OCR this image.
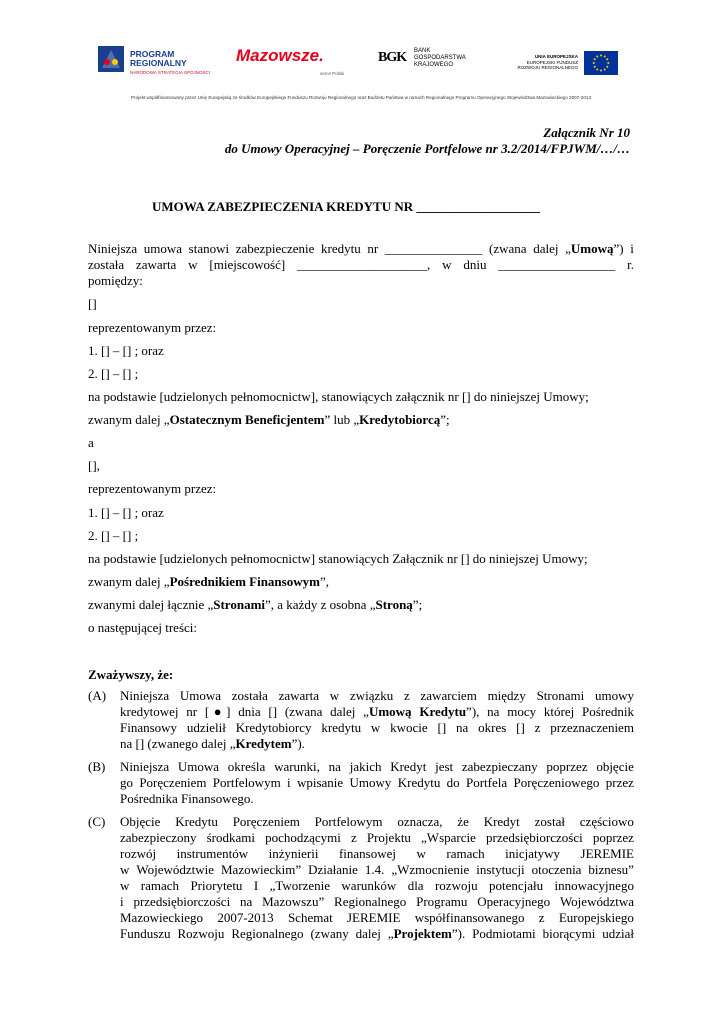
PROGRAM
REGIONALNY
NARODOWA STRATEGIA SPÓJNOŚCI
Mazowsze.
serce Polski
BGK BANK
GOSPODARSTWA
KRAJOWEGO
UNIA EUROPEJSKA
EUROPEJSKI FUNDUSZ
ROZWOJU REGIONALNEGO
Projekt współfinansowany przez Unię Europejską ze środków Europejskiego Funduszu Rozwoju Regionalnego oraz Budżetu Państwa w ramach Regionalnego Programu Operacyjnego Województwa Mazowieckiego 2007-2013
Załącznik Nr 10
do Umowy Operacyjnej – Poręczenie Portfelowe nr 3.2/2014/FPJWM/…/…
UMOWA ZABEZPIECZENIA KREDYTU NR ___________________
Niniejsza umowa stanowi zabezpieczenie kredytu nr _______________ (zwana dalej „Umową”) i
została zawarta w [miejscowość] ____________________, w dniu __________________ r.
pomiędzy:
[]
reprezentowanym przez:
1. [] – [] ; oraz
2. [] – [] ;
na podstawie [udzielonych pełnomocnictw], stanowiących załącznik nr [] do niniejszej Umowy;
zwanym dalej „Ostatecznym Beneficjentem” lub „Kredytobiorcą”;
a
[],
reprezentowanym przez:
1. [] – [] ; oraz
2. [] – [] ;
na podstawie [udzielonych pełnomocnictw] stanowiących Załącznik nr [] do niniejszej Umowy;
zwanym dalej „Pośrednikiem Finansowym”,
zwanymi dalej łącznie „Stronami”, a każdy z osobna „Stroną”;
o następującej treści:
Zważywszy, że:
(A) Niniejsza Umowa została zawarta w związku z zawarciem między Stronami umowy
kredytowej nr [●] dnia [] (zwana dalej „Umową Kredytu”), na mocy której Pośrednik
Finansowy udzielił Kredytobiorcy kredytu w kwocie [] na okres [] z przeznaczeniem
na [] (zwanego dalej „Kredytem”).
(B) Niniejsza Umowa określa warunki, na jakich Kredyt jest zabezpieczany poprzez objęcie
go Poręczeniem Portfelowym i wpisanie Umowy Kredytu do Portfela Poręczeniowego przez
Pośrednika Finansowego.
(C) Objęcie Kredytu Poręczeniem Portfelowym oznacza, że Kredyt został częściowo
zabezpieczony środkami pochodzącymi z Projektu „Wsparcie przedsiębiorczości poprzez
rozwój instrumentów inżynierii finansowej w ramach inicjatywy JEREMIE
w Województwie Mazowieckim” Działanie 1.4. „Wzmocnienie instytucji otoczenia biznesu”
w ramach Priorytetu I „Tworzenie warunków dla rozwoju potencjału innowacyjnego
i przedsiębiorczości na Mazowszu” Regionalnego Programu Operacyjnego Województwa
Mazowieckiego 2007-2013 Schemat JEREMIE współfinansowanego z Europejskiego
Funduszu Rozwoju Regionalnego (zwany dalej „Projektem”). Podmiotami biorącymi udział
